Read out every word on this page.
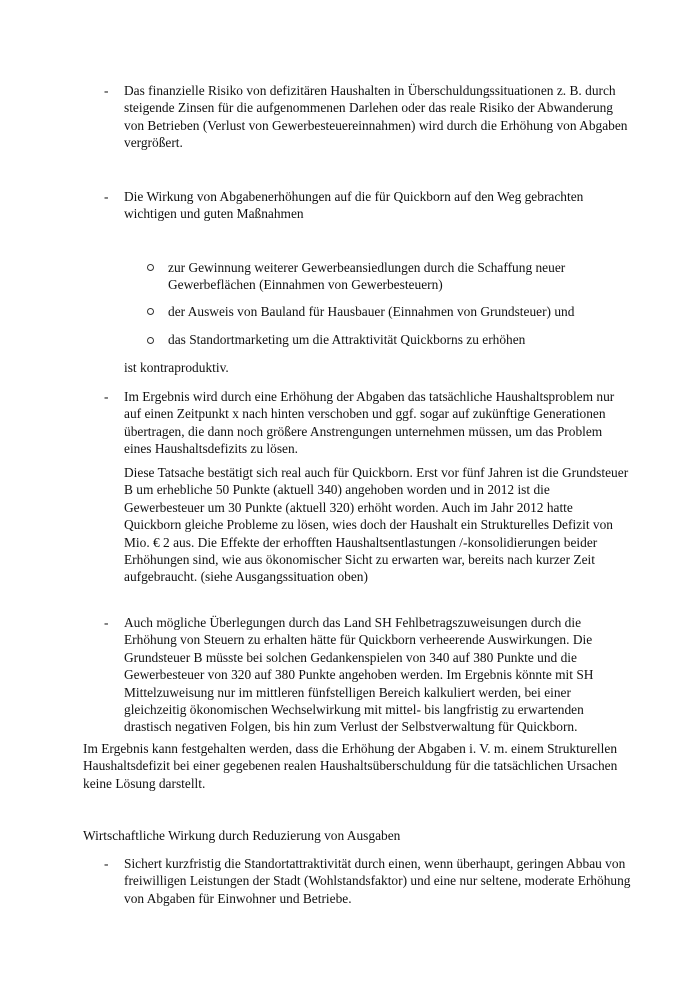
-	Das finanzielle Risiko von defizitären Haushalten in Überschuldungssituationen z. B. durch
steigende Zinsen für die aufgenommenen Darlehen oder das reale Risiko der Abwanderung
von Betrieben (Verlust von Gewerbesteuereinnahmen) wird durch die Erhöhung von Abgaben
vergrößert.
-	Die Wirkung von Abgabenerhöhungen auf die für Quickborn auf den Weg gebrachten
wichtigen und guten Maßnahmen
zur Gewinnung weiterer Gewerbeansiedlungen durch die Schaffung neuer
Gewerbeflächen (Einnahmen von Gewerbesteuern)
der Ausweis von Bauland für Hausbauer (Einnahmen von Grundsteuer) und
das Standortmarketing um die Attraktivität Quickborns zu erhöhen
ist kontraproduktiv.
-	Im Ergebnis wird durch eine Erhöhung der Abgaben das tatsächliche Haushaltsproblem nur
auf einen Zeitpunkt x nach hinten verschoben und ggf. sogar auf zukünftige Generationen
übertragen, die dann noch größere Anstrengungen unternehmen müssen, um das Problem
eines Haushaltsdefizits zu lösen.
Diese Tatsache bestätigt sich real auch für Quickborn. Erst vor fünf Jahren ist die Grundsteuer
B um erhebliche 50 Punkte (aktuell 340) angehoben worden und in 2012 ist die
Gewerbesteuer um 30 Punkte (aktuell 320) erhöht worden. Auch im Jahr 2012 hatte
Quickborn gleiche Probleme zu lösen, wies doch der Haushalt ein Strukturelles Defizit von
Mio. € 2 aus. Die Effekte der erhofften Haushaltsentlastungen /-konsolidierungen beider
Erhöhungen sind, wie aus ökonomischer Sicht zu erwarten war, bereits nach kurzer Zeit
aufgebraucht. (siehe Ausgangssituation oben)
-	Auch mögliche Überlegungen durch das Land SH Fehlbetragszuweisungen durch die
Erhöhung von Steuern zu erhalten hätte für Quickborn verheerende Auswirkungen. Die
Grundsteuer B müsste bei solchen Gedankenspielen von 340 auf 380 Punkte und die
Gewerbesteuer von 320 auf 380 Punkte angehoben werden. Im Ergebnis könnte mit SH
Mittelzuweisung nur im mittleren fünfstelligen Bereich kalkuliert werden, bei einer
gleichzeitig ökonomischen Wechselwirkung mit mittel- bis langfristig zu erwartenden
drastisch negativen Folgen, bis hin zum Verlust der Selbstverwaltung für Quickborn.
Im Ergebnis kann festgehalten werden, dass die Erhöhung der Abgaben i. V. m. einem Strukturellen
Haushaltsdefizit bei einer gegebenen realen Haushaltsüberschuldung für die tatsächlichen Ursachen
keine Lösung darstellt.
Wirtschaftliche Wirkung durch Reduzierung von Ausgaben
-	Sichert kurzfristig die Standortattraktivität durch einen, wenn überhaupt, geringen Abbau von
freiwilligen Leistungen der Stadt (Wohlstandsfaktor) und eine nur seltene, moderate Erhöhung
von Abgaben für Einwohner und Betriebe.
